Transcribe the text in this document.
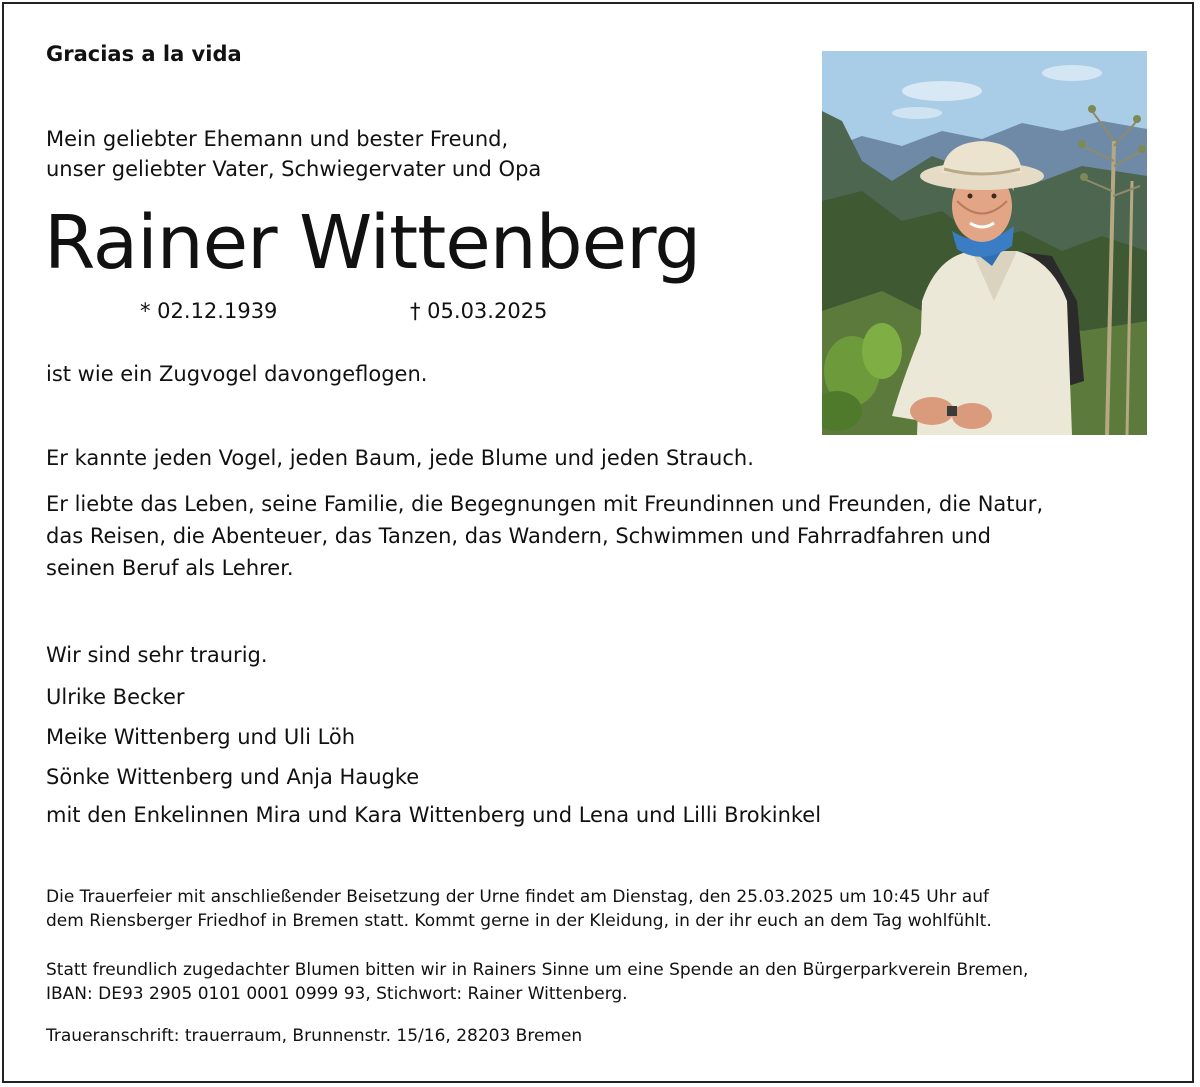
Gracias a la vida
Mein geliebter Ehemann und bester Freund,
unser geliebter Vater, Schwiegervater und Opa
Rainer Wittenberg
* 02.12.1939	† 05.03.2025
ist wie ein Zugvogel davongeflogen.
Er kannte jeden Vogel, jeden Baum, jede Blume und jeden Strauch.
Er liebte das Leben, seine Familie, die Begegnungen mit Freundinnen und Freunden, die Natur,
das Reisen, die Abenteuer, das Tanzen, das Wandern, Schwimmen und Fahrradfahren und
seinen Beruf als Lehrer.
Wir sind sehr traurig.
Ulrike Becker
Meike Wittenberg und Uli Löh
Sönke Wittenberg und Anja Haugke
mit den Enkelinnen Mira und Kara Wittenberg und Lena und Lilli Brokinkel
Die Trauerfeier mit anschließender Beisetzung der Urne findet am Dienstag, den 25.03.2025 um 10:45 Uhr auf
dem Riensberger Friedhof in Bremen statt. Kommt gerne in der Kleidung, in der ihr euch an dem Tag wohlfühlt.
Statt freundlich zugedachter Blumen bitten wir in Rainers Sinne um eine Spende an den Bürgerparkverein Bremen,
IBAN: DE93 2905 0101 0001 0999 93, Stichwort: Rainer Wittenberg.
Traueranschrift: trauerraum, Brunnenstr. 15/16, 28203 Bremen
